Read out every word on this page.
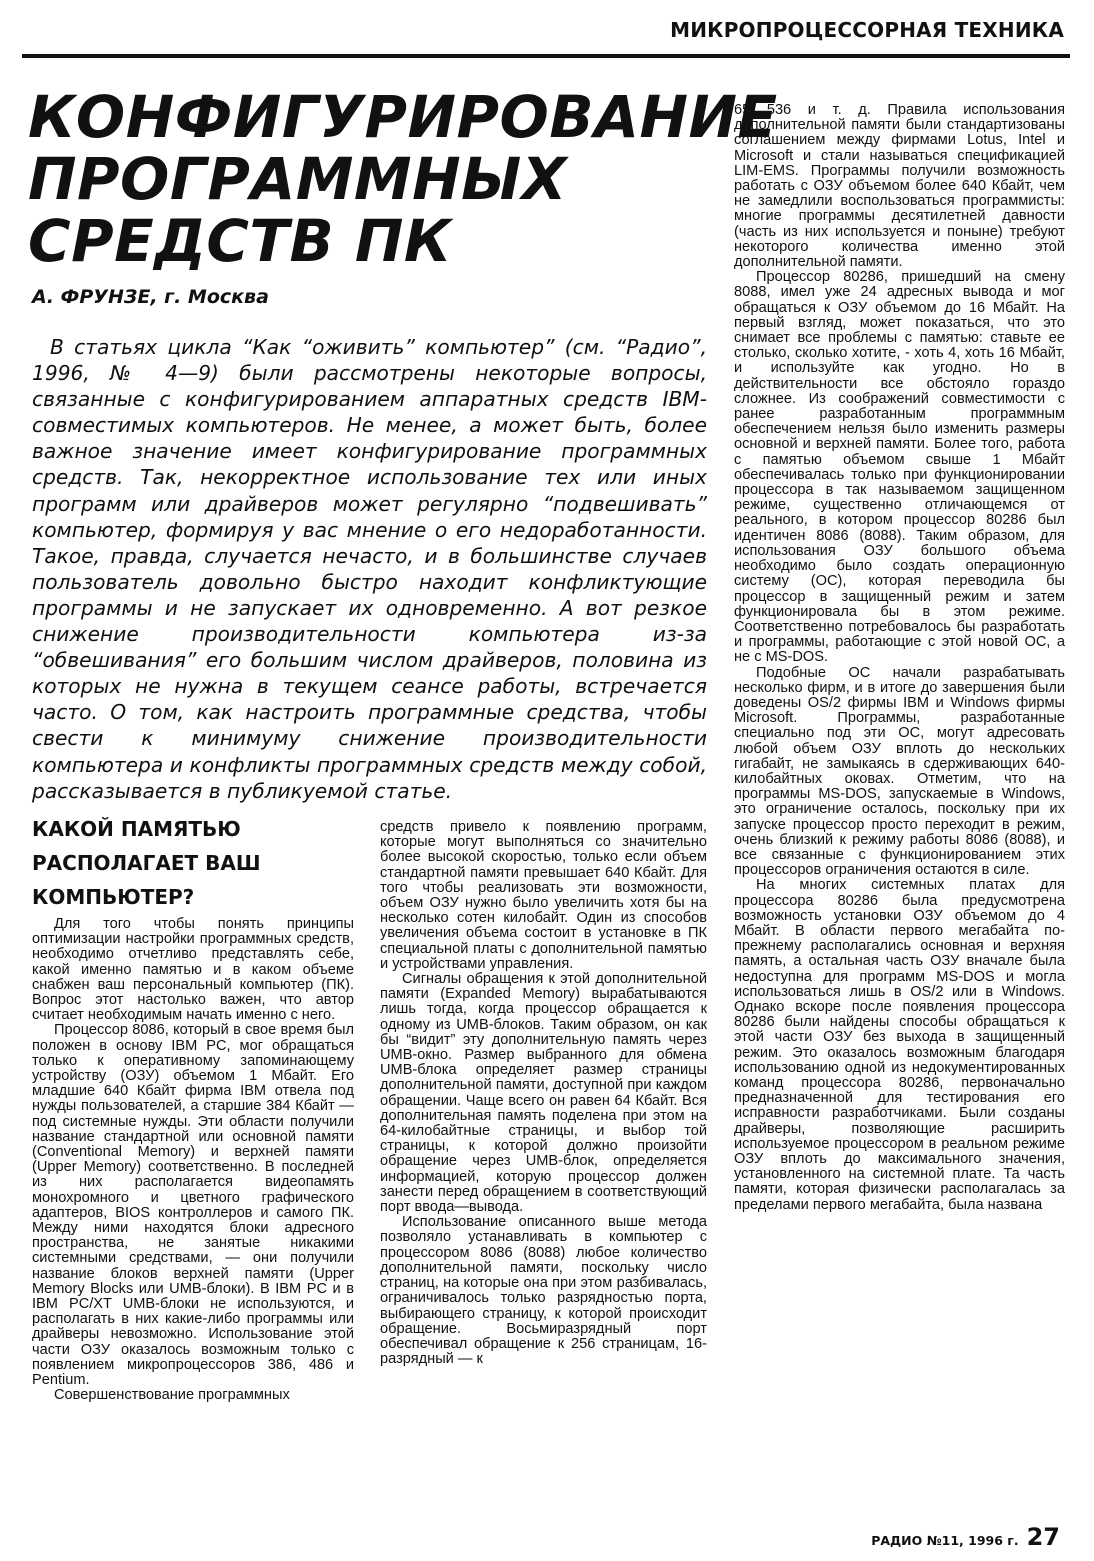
МИКРОПРОЦЕССОРНАЯ ТЕХНИКА
КОНФИГУРИРОВАНИЕ
ПРОГРАММНЫХ
СРЕДСТВ ПК

А. ФРУНЗЕ, г. Москва

В статьях цикла “Как “оживить” компьютер” (см. “Радио”, 1996, № 4—9) были рассмотрены некоторые вопросы, связанные с конфигурированием аппаратных средств IBM-совместимых компьютеров. Не менее, а может быть, более важное значение имеет конфигурирование программных средств. Так, некорректное использование тех или иных программ или драйверов может регулярно “подвешивать” компьютер, формируя у вас мнение о его недоработанности. Такое, правда, случается нечасто, и в большинстве случаев пользователь довольно быстро находит конфликтующие программы и не запускает их одновременно. А вот резкое снижение производительности компьютера из-за “обвешивания” его большим числом драйверов, половина из которых не нужна в текущем сеансе работы, встречается часто. О том, как настроить программные средства, чтобы свести к минимуму снижение производительности компьютера и конфликты программных средств между собой, рассказывается в публикуемой статье.

КАКОЙ ПАМЯТЬЮ
РАСПОЛАГАЕТ ВАШ
КОМПЬЮТЕР?

Для того чтобы понять принципы оптимизации настройки программных средств, необходимо отчетливо представлять себе, какой именно памятью и в каком объеме снабжен ваш персональный компьютер (ПК). Вопрос этот настолько важен, что автор считает необходимым начать именно с него.

Процессор 8086, который в свое время был положен в основу IBM PC, мог обращаться только к оперативному запоминающему устройству (ОЗУ) объемом 1 Мбайт. Его младшие 640 Кбайт фирма IBM отвела под нужды пользователей, а старшие 384 Кбайт — под системные нужды. Эти области получили название стандартной или основной памяти (Conventional Memory) и верхней памяти (Upper Memory) соответственно. В последней из них располагается видеопамять монохромного и цветного графического адаптеров, BIOS контроллеров и самого ПК. Между ними находятся блоки адресного пространства, не занятые никакими системными средствами, — они получили название блоков верхней памяти (Upper Memory Blocks или UMB-блоки). В IBM PC и в IBM PC/XT UMB-блоки не используются, и располагать в них какие-либо программы или драйверы невозможно. Использование этой части ОЗУ оказалось возможным только с появлением микропроцессоров 386, 486 и Pentium.

Совершенствование программных

средств привело к появлению программ, которые могут выполняться со значительно более высокой скоростью, только если объем стандартной памяти превышает 640 Кбайт. Для того чтобы реализовать эти возможности, объем ОЗУ нужно было увеличить хотя бы на несколько сотен килобайт. Один из способов увеличения объема состоит в установке в ПК специальной платы с дополнительной памятью и устройствами управления.

Сигналы обращения к этой дополнительной памяти (Expanded Memory) вырабатываются лишь тогда, когда процессор обращается к одному из UMB-блоков. Таким образом, он как бы “видит” эту дополнительную память через UMB-окно. Размер выбранного для обмена UMB-блока определяет размер страницы дополнительной памяти, доступной при каждом обращении. Чаще всего он равен 64 Кбайт. Вся дополнительная память поделена при этом на 64-килобайтные страницы, и выбор той страницы, к которой должно произойти обращение через UMB-блок, определяется информацией, которую процессор должен занести перед обращением в соответствующий порт ввода—вывода.

Использование описанного выше метода позволяло устанавливать в компьютер с процессором 8086 (8088) любое количество дополнительной памяти, поскольку число страниц, на которые она при этом разбивалась, ограничивалось только разрядностью порта, выбирающего страницу, к которой происходит обращение. Восьмиразрядный порт обеспечивал обращение к 256 страницам, 16-разрядный — к

65 536 и т. д. Правила использования дополнительной памяти были стандартизованы соглашением между фирмами Lotus, Intel и Microsoft и стали называться спецификацией LIM-EMS. Программы получили возможность работать с ОЗУ объемом более 640 Кбайт, чем не замедлили воспользоваться программисты: многие программы десятилетней давности (часть из них используется и поныне) требуют некоторого количества именно этой дополнительной памяти.

Процессор 80286, пришедший на смену 8088, имел уже 24 адресных вывода и мог обращаться к ОЗУ объемом до 16 Мбайт. На первый взгляд, может показаться, что это снимает все проблемы с памятью: ставьте ее столько, сколько хотите, - хоть 4, хоть 16 Мбайт, и используйте как угодно. Но в действительности все обстояло гораздо сложнее. Из соображений совместимости с ранее разработанным программным обеспечением нельзя было изменить размеры основной и верхней памяти. Более того, работа с памятью объемом свыше 1 Мбайт обеспечивалась только при функционировании процессора в так называемом защищенном режиме, существенно отличающемся от реального, в котором процессор 80286 был идентичен 8086 (8088). Таким образом, для использования ОЗУ большого объема необходимо было создать операционную систему (ОС), которая переводила бы процессор в защищенный режим и затем функционировала бы в этом режиме. Соответственно потребовалось бы разработать и программы, работающие с этой новой ОС, а не с MS-DOS.

Подобные ОС начали разрабатывать несколько фирм, и в итоге до завершения были доведены OS/2 фирмы IBM и Windows фирмы Microsoft. Программы, разработанные специально под эти ОС, могут адресовать любой объем ОЗУ вплоть до нескольких гигабайт, не замыкаясь в сдерживающих 640-килобайтных оковах. Отметим, что на программы MS-DOS, запускаемые в Windows, это ограничение осталось, поскольку при их запуске процессор просто переходит в режим, очень близкий к режиму работы 8086 (8088), и все связанные с функционированием этих процессоров ограничения остаются в силе.

На многих системных платах для процессора 80286 была предусмотрена возможность установки ОЗУ объемом до 4 Мбайт. В области первого мегабайта по-прежнему располагались основная и верхняя память, а остальная часть ОЗУ вначале была недоступна для программ MS-DOS и могла использоваться лишь в OS/2 или в Windows. Однако вскоре после появления процессора 80286 были найдены способы обращаться к этой части ОЗУ без выхода в защищенный режим. Это оказалось возможным благодаря использованию одной из недокументированных команд процессора 80286, первоначально предназначенной для тестирования его исправности разработчиками. Были созданы драйверы, позволяющие расширить используемое процессором в реальном режиме ОЗУ вплоть до максимального значения, установленного на системной плате. Та часть памяти, которая физически располагалась за пределами первого мегабайта, была названа

РАДИО №11, 1996 г. 27
